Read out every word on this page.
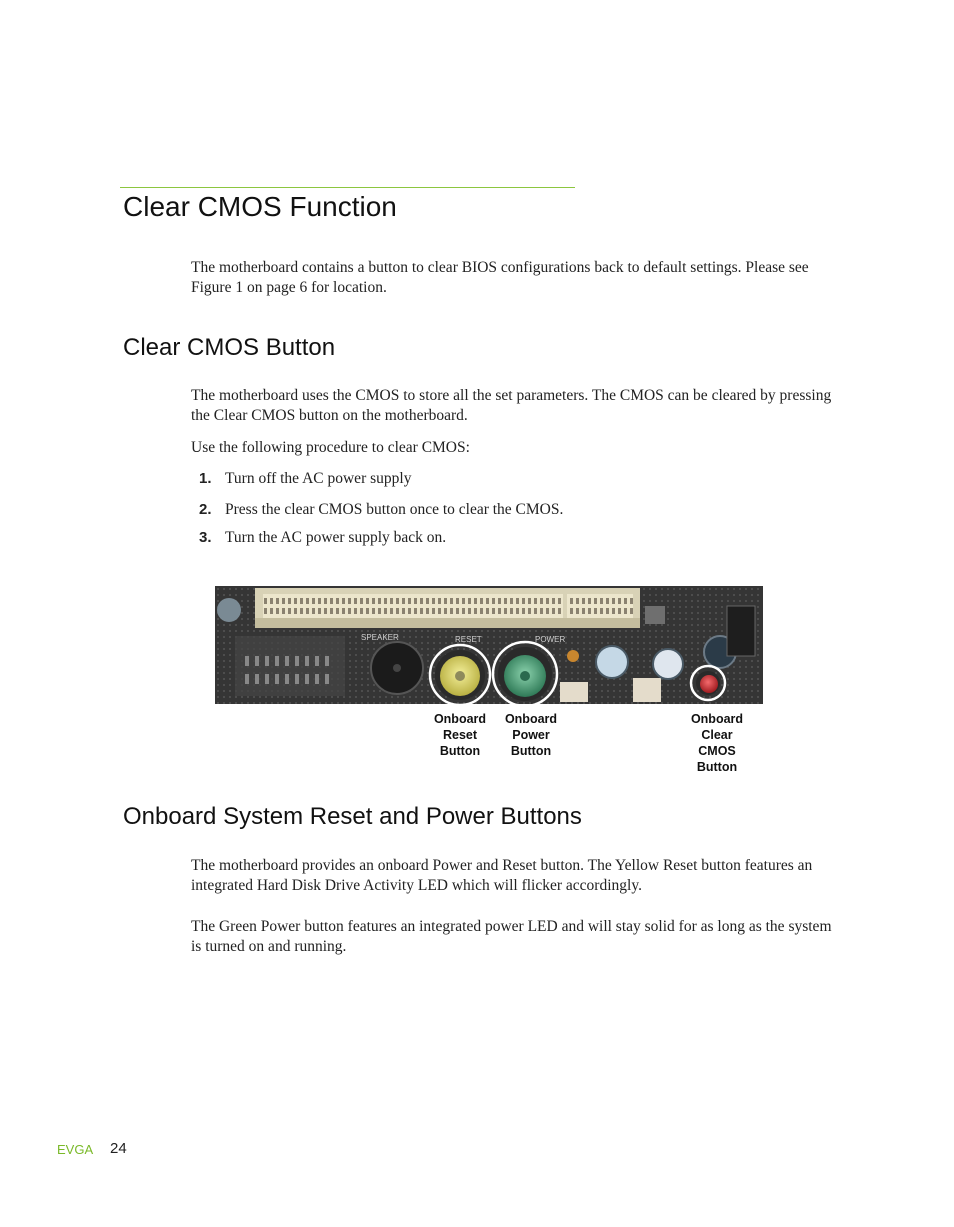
Clear CMOS Function

The motherboard contains a button to clear BIOS configurations back to default settings. Please see Figure 1 on page 6 for location.

Clear CMOS Button

The motherboard uses the CMOS to store all the set parameters. The CMOS can be cleared by pressing the Clear CMOS button on the motherboard.

Use the following procedure to clear CMOS:

1. Turn off the AC power supply
2. Press the clear CMOS button once to clear the CMOS.
3. Turn the AC power supply back on.
SPEAKER	RESET	POWER
Onboard
Reset
Button
Onboard
Power
Button
Onboard
Clear
CMOS
Button
Onboard System Reset and Power Buttons

The motherboard provides an onboard Power and Reset button. The Yellow Reset button features an integrated Hard Disk Drive Activity LED which will flicker accordingly.

The Green Power button features an integrated power LED and will stay solid for as long as the system is turned on and running.

EVGA 24
